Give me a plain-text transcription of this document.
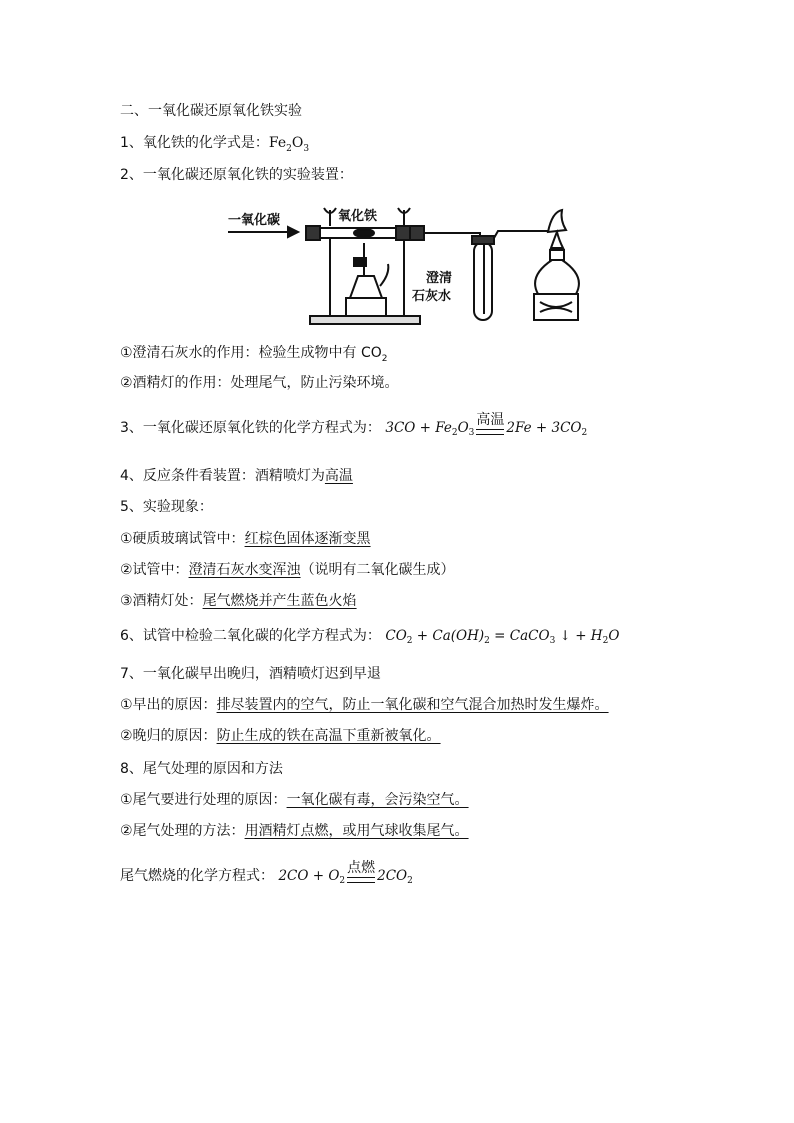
二、一氧化碳还原氧化铁实验
1、氧化铁的化学式是：$Fe_2O_3$
2、一氧化碳还原氧化铁的实验装置：
一氧化碳	氧化铁
澄清
石灰水
①澄清石灰水的作用：检验生成物中有 $CO_2$
②酒精灯的作用：处理尾气，防止污染环境。
3、一氧化碳还原氧化铁的化学方程式为： $3CO + Fe_2O_3$
高温 $2Fe + 3CO_2$
4、反应条件看装置：酒精喷灯为高温
5、实验现象：
①硬质玻璃试管中：红棕色固体逐渐变黑
②试管中：澄清石灰水变浑浊（说明有二氧化碳生成）
③酒精灯处：尾气燃烧并产生蓝色火焰
6、试管中检验二氧化碳的化学方程式为： $CO_2 + Ca(OH)_2$ = CaCO$_3$ ↓ + $H_2O$
7、一氧化碳早出晚归，酒精喷灯迟到早退
①早出的原因：排尽装置内的空气，防止一氧化碳和空气混合加热时发生爆炸。
②晚归的原因：防止生成的铁在高温下重新被氧化。
8、尾气处理的原因和方法
①尾气要进行处理的原因：一氧化碳有毒，会污染空气。
②尾气处理的方法：用酒精灯点燃，或用气球收集尾气。
尾气燃烧的化学方程式： $2CO + O_2$
点燃 $2CO_2$
